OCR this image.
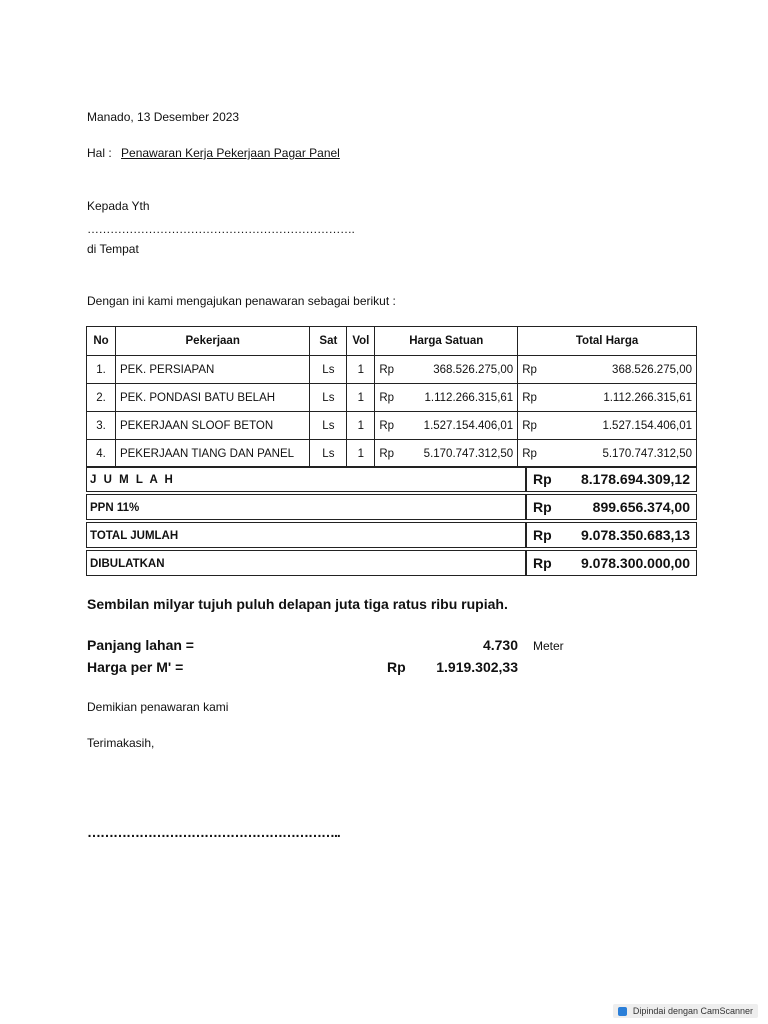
Manado, 13 Desember 2023
Hal : Penawaran Kerja Pekerjaan Pagar Panel
Kepada Yth
…………………………………………………………….
di Tempat
Dengan ini kami mengajukan penawaran sebagai berikut :
No	Pekerjaan	Sat	Vol	Harga Satuan		Total Harga	
1.	PEK. PERSIAPAN	Ls	1	Rp	368.526.275,00	Rp	368.526.275,00
2.	PEK. PONDASI BATU BELAH	Ls	1	Rp	1.112.266.315,61	Rp	1.112.266.315,61
3.	PEKERJAAN SLOOF BETON	Ls	1	Rp	1.527.154.406,01	Rp	1.527.154.406,01
4.	PEKERJAAN TIANG DAN PANEL	Ls	1	Rp	5.170.747.312,50	Rp	5.170.747.312,50
J U M L A H	Rp 8.178.694.309,12
PPN 11%	Rp	899.656.374,00
TOTAL JUMLAH	Rp 9.078.350.683,13
DIBULATKAN	Rp 9.078.300.000,00
Sembilan milyar tujuh puluh delapan juta tiga ratus ribu rupiah.
Panjang lahan =	4.730 Meter
Harga per M' =	Rp	1.919.302,33
Demikian penawaran kami
Terimakasih,
…………………………………………………..
Dipindai dengan CamScanner
